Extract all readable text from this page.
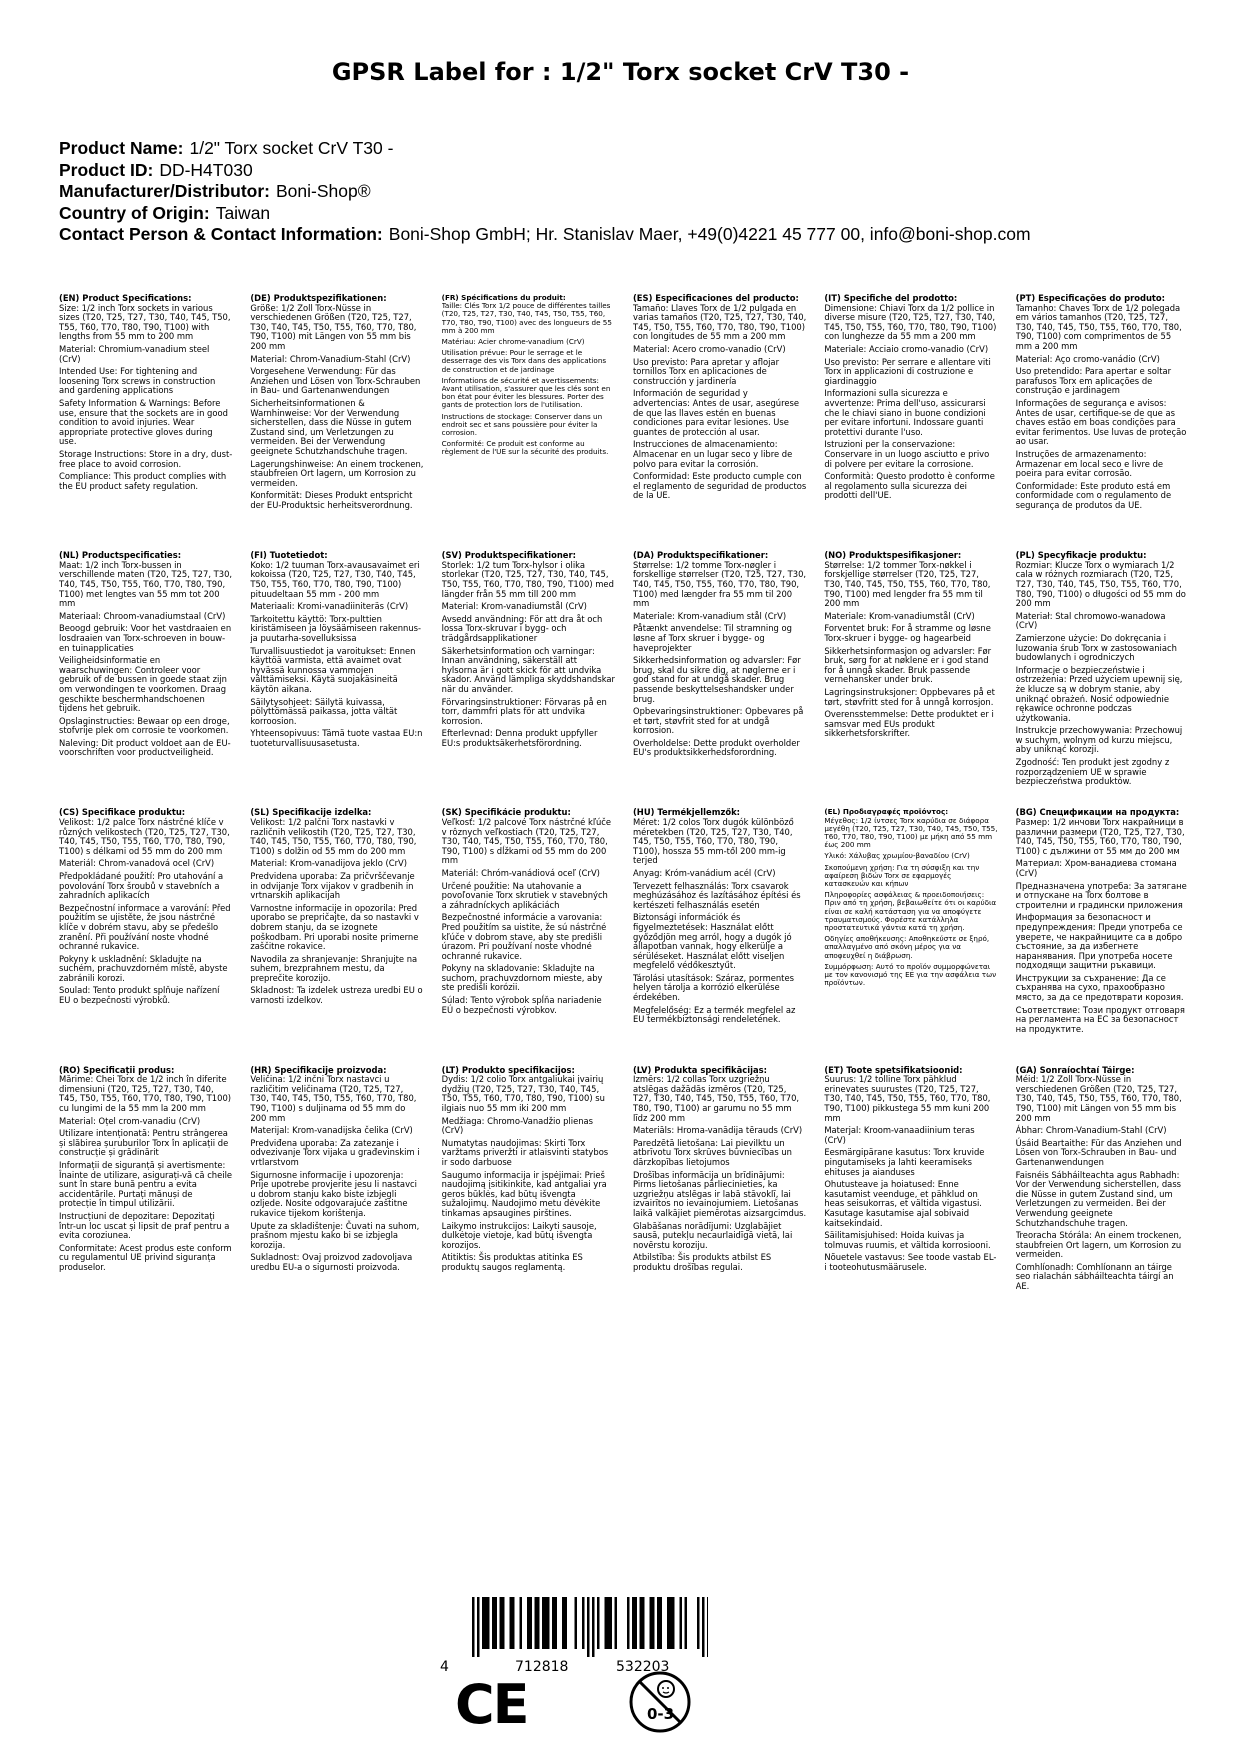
GPSR Label for : 1/2" Torx socket CrV T30 -
Product Name: 1/2" Torx socket CrV T30 -
Product ID: DD-H4T030
Manufacturer/Distributor: Boni-Shop®
Country of Origin: Taiwan
Contact Person & Contact Information: Boni-Shop GmbH; Hr. Stanislav Maer, +49(0)4221 45 777 00, info@boni-shop.com
(EN) Product Specifications:
Size: 1/2 inch Torx sockets in various sizes (T20, T25, T27, T30, T40, T45, T50, T55, T60, T70, T80, T90, T100) with lengths from 55 mm to 200 mm
Material: Chromium-vanadium steel (CrV)
Intended Use: For tightening and loosening Torx screws in construction and gardening applications
Safety Information & Warnings: Before use, ensure that the sockets are in good condition to avoid injuries. Wear appropriate protective gloves during use.
Storage Instructions: Store in a dry, dust-free place to avoid corrosion.
Compliance: This product complies with the EU product safety regulation.
(DE) Produktspezifikationen:
Größe: 1/2 Zoll Torx-Nüsse in verschiedenen Größen (T20, T25, T27, T30, T40, T45, T50, T55, T60, T70, T80, T90, T100) mit Längen von 55 mm bis 200 mm
Material: Chrom-Vanadium-Stahl (CrV)
Vorgesehene Verwendung: Für das Anziehen und Lösen von Torx-Schrauben in Bau- und Gartenanwendungen
Sicherheitsinformationen & Warnhinweise: Vor der Verwendung sicherstellen, dass die Nüsse in gutem Zustand sind, um Verletzungen zu vermeiden. Bei der Verwendung geeignete Schutzhandschuhe tragen.
Lagerungshinweise: An einem trockenen, staubfreien Ort lagern, um Korrosion zu vermeiden.
Konformität: Dieses Produkt entspricht der EU-Produktsic herheitsverordnung.
(FR) Spécifications du produit:
Taille: Clés Torx 1/2 pouce de différentes tailles (T20, T25, T27, T30, T40, T45, T50, T55, T60, T70, T80, T90, T100) avec des longueurs de 55 mm à 200 mm
Matériau: Acier chrome-vanadium (CrV)
Utilisation prévue: Pour le serrage et le desserrage des vis Torx dans des applications de construction et de jardinage
Informations de sécurité et avertissements: Avant utilisation, s'assurer que les clés sont en bon état pour éviter les blessures. Porter des gants de protection lors de l'utilisation.
Instructions de stockage: Conserver dans un endroit sec et sans poussière pour éviter la corrosion.
Conformité: Ce produit est conforme au règlement de l'UE sur la sécurité des produits.
(ES) Especificaciones del producto:
Tamaño: Llaves Torx de 1/2 pulgada en varias tamaños (T20, T25, T27, T30, T40, T45, T50, T55, T60, T70, T80, T90, T100) con longitudes de 55 mm a 200 mm
Material: Acero cromo-vanadio (CrV)
Uso previsto: Para apretar y aflojar tornillos Torx en aplicaciones de construcción y jardinería
Información de seguridad y advertencias: Antes de usar, asegúrese de que las llaves estén en buenas condiciones para evitar lesiones. Use guantes de protección al usar.
Instrucciones de almacenamiento: Almacenar en un lugar seco y libre de polvo para evitar la corrosión.
Conformidad: Este producto cumple con el reglamento de seguridad de productos de la UE.
(IT) Specifiche del prodotto:
Dimensione: Chiavi Torx da 1/2 pollice in diverse misure (T20, T25, T27, T30, T40, T45, T50, T55, T60, T70, T80, T90, T100) con lunghezze da 55 mm a 200 mm
Materiale: Acciaio cromo-vanadio (CrV)
Uso previsto: Per serrare e allentare viti Torx in applicazioni di costruzione e giardinaggio
Informazioni sulla sicurezza e avvertenze: Prima dell'uso, assicurarsi che le chiavi siano in buone condizioni per evitare infortuni. Indossare guanti protettivi durante l'uso.
Istruzioni per la conservazione: Conservare in un luogo asciutto e privo di polvere per evitare la corrosione.
Conformità: Questo prodotto è conforme al regolamento sulla sicurezza dei prodotti dell'UE.
(PT) Especificações do produto:
Tamanho: Chaves Torx de 1/2 polegada em vários tamanhos (T20, T25, T27, T30, T40, T45, T50, T55, T60, T70, T80, T90, T100) com comprimentos de 55 mm a 200 mm
Material: Aço cromo-vanádio (CrV)
Uso pretendido: Para apertar e soltar parafusos Torx em aplicações de construção e jardinagem
Informações de segurança e avisos: Antes de usar, certifique-se de que as chaves estão em boas condições para evitar ferimentos. Use luvas de proteção ao usar.
Instruções de armazenamento: Armazenar em local seco e livre de poeira para evitar corrosão.
Conformidade: Este produto está em conformidade com o regulamento de segurança de produtos da UE.
(NL) Productspecificaties:
Maat: 1/2 inch Torx-bussen in verschillende maten (T20, T25, T27, T30, T40, T45, T50, T55, T60, T70, T80, T90, T100) met lengtes van 55 mm tot 200 mm
Materiaal: Chroom-vanadiumstaal (CrV)
Beoogd gebruik: Voor het vastdraaien en losdraaien van Torx-schroeven in bouw- en tuinapplicaties
Veiligheidsinformatie en waarschuwingen: Controleer voor gebruik of de bussen in goede staat zijn om verwondingen te voorkomen. Draag geschikte beschermhandschoenen tijdens het gebruik.
Opslaginstructies: Bewaar op een droge, stofvrije plek om corrosie te voorkomen.
Naleving: Dit product voldoet aan de EU-voorschriften voor productveiligheid.
(FI) Tuotetiedot:
Koko: 1/2 tuuman Torx-avausavaimet eri kokoissa (T20, T25, T27, T30, T40, T45, T50, T55, T60, T70, T80, T90, T100) pituudeltaan 55 mm - 200 mm
Materiaali: Kromi-vanadiiniteräs (CrV)
Tarkoitettu käyttö: Torx-pulttien kiristämiseen ja löysäämiseen rakennus- ja puutarha-sovelluksissa
Turvallisuustiedot ja varoitukset: Ennen käyttöä varmista, että avaimet ovat hyvässä kunnossa vammojen välttämiseksi. Käytä suojakäsineitä käytön aikana.
Säilytysohjeet: Säilytä kuivassa, pölyttömässä paikassa, jotta vältät korroosion.
Yhteensopivuus: Tämä tuote vastaa EU:n tuoteturvallisuusasetusta.
(SV) Produktspecifikationer:
Storlek: 1/2 tum Torx-hylsor i olika storlekar (T20, T25, T27, T30, T40, T45, T50, T55, T60, T70, T80, T90, T100) med längder från 55 mm till 200 mm
Material: Krom-vanadiumstål (CrV)
Avsedd användning: För att dra åt och lossa Torx-skruvar i bygg- och trädgårdsapplikationer
Säkerhetsinformation och varningar: Innan användning, säkerställ att hylsorna är i gott skick för att undvika skador. Använd lämpliga skyddshandskar när du använder.
Förvaringsinstruktioner: Förvaras på en torr, dammfri plats för att undvika korrosion.
Efterlevnad: Denna produkt uppfyller EU:s produktsäkerhetsförordning.
(DA) Produktspecifikationer:
Størrelse: 1/2 tomme Torx-nøgler i forskellige størrelser (T20, T25, T27, T30, T40, T45, T50, T55, T60, T70, T80, T90, T100) med længder fra 55 mm til 200 mm
Materiale: Krom-vanadium stål (CrV)
Påtænkt anvendelse: Til stramning og løsne af Torx skruer i bygge- og haveprojekter
Sikkerhedsinformation og advarsler: Før brug, skal du sikre dig, at nøglerne er i god stand for at undgå skader. Brug passende beskyttelseshandsker under brug.
Opbevaringsinstruktioner: Opbevares på et tørt, støvfrit sted for at undgå korrosion.
Overholdelse: Dette produkt overholder EU's produktsikkerhedsforordning.
(NO) Produktspesifikasjoner:
Størrelse: 1/2 tommer Torx-nøkkel i forskjellige størrelser (T20, T25, T27, T30, T40, T45, T50, T55, T60, T70, T80, T90, T100) med lengder fra 55 mm til 200 mm
Materiale: Krom-vanadiumstål (CrV)
Forventet bruk: For å stramme og løsne Torx-skruer i bygge- og hagearbeid
Sikkerhetsinformasjon og advarsler: Før bruk, sørg for at nøklene er i god stand for å unngå skader. Bruk passende vernehansker under bruk.
Lagringsinstruksjoner: Oppbevares på et tørt, støvfritt sted for å unngå korrosjon.
Overensstemmelse: Dette produktet er i samsvar med EUs produkt sikkerhetsforskrifter.
(PL) Specyfikacje produktu:
Rozmiar: Klucze Torx o wymiarach 1/2 cala w różnych rozmiarach (T20, T25, T27, T30, T40, T45, T50, T55, T60, T70, T80, T90, T100) o długości od 55 mm do 200 mm
Materiał: Stal chromowo-wanadowa (CrV)
Zamierzone użycie: Do dokręcania i luzowania śrub Torx w zastosowaniach budowlanych i ogrodniczych
Informacje o bezpieczeństwie i ostrzeżenia: Przed użyciem upewnij się, że klucze są w dobrym stanie, aby uniknąć obrażeń. Nosić odpowiednie rękawice ochronne podczas użytkowania.
Instrukcje przechowywania: Przechowuj w suchym, wolnym od kurzu miejscu, aby uniknąć korozji.
Zgodność: Ten produkt jest zgodny z rozporządzeniem UE w sprawie bezpieczeństwa produktów.
(CS) Specifikace produktu:
Velikost: 1/2 palce Torx nástrčné klíče v různých velikostech (T20, T25, T27, T30, T40, T45, T50, T55, T60, T70, T80, T90, T100) s délkami od 55 mm do 200 mm
Materiál: Chrom-vanadová ocel (CrV)
Předpokládané použití: Pro utahování a povolování Torx šroubů v stavebních a zahradních aplikacích
Bezpečnostní informace a varování: Před použitím se ujistěte, že jsou nástrčné klíče v dobrém stavu, aby se předešlo zranění. Při používání noste vhodné ochranné rukavice.
Pokyny k uskladnění: Skladujte na suchém, prachuvzdorném místě, abyste zabránili korozi.
Soulad: Tento produkt splňuje nařízení EU o bezpečnosti výrobků.
(SL) Specifikacije izdelka:
Velikost: 1/2 palčni Torx nastavki v različnih velikostih (T20, T25, T27, T30, T40, T45, T50, T55, T60, T70, T80, T90, T100) s dolžin od 55 mm do 200 mm
Material: Krom-vanadijova jeklo (CrV)
Predvidena uporaba: Za pričvrščevanje in odvijanje Torx vijakov v gradbenih in vrtnarskih aplikacijah
Varnostne informacije in opozorila: Pred uporabo se prepričajte, da so nastavki v dobrem stanju, da se izognete poškodbam. Pri uporabi nosite primerne zaščitne rokavice.
Navodila za shranjevanje: Shranjujte na suhem, brezprahnem mestu, da preprečite korozijo.
Skladnost: Ta izdelek ustreza uredbi EU o varnosti izdelkov.
(SK) Špecifikácie produktu:
Veľkosť: 1/2 palcové Torx nástrčné kľúče v rôznych veľkostiach (T20, T25, T27, T30, T40, T45, T50, T55, T60, T70, T80, T90, T100) s dĺžkami od 55 mm do 200 mm
Materiál: Chróm-vanádiová oceľ (CrV)
Určené použitie: Na utahovanie a povoľovanie Torx skrutiek v stavebných a záhradníckych aplikáciách
Bezpečnostné informácie a varovania: Pred použitím sa uistite, že sú nástrčné kľúče v dobrom stave, aby ste predišli úrazom. Pri používaní noste vhodné ochranné rukavice.
Pokyny na skladovanie: Skladujte na suchom, prachuvzdornom mieste, aby ste predišli korózii.
Súlad: Tento výrobok spĺňa nariadenie EÚ o bezpečnosti výrobkov.
(HU) Termékjellemzők:
Méret: 1/2 colos Torx dugók különböző méretekben (T20, T25, T27, T30, T40, T45, T50, T55, T60, T70, T80, T90, T100), hossza 55 mm-től 200 mm-ig terjed
Anyag: Króm-vanádium acél (CrV)
Tervezett felhasználás: Torx csavarok meghúzásához és lazításához építési és kertészeti felhasználás esetén
Biztonsági információk és figyelmeztetések: Használat előtt győződjön meg arról, hogy a dugók jó állapotban vannak, hogy elkerülje a sérüléseket. Használat előtt viseljen megfelelő védőkesztyűt.
Tárolási utasítások: Száraz, pormentes helyen tárolja a korrózió elkerülése érdekében.
Megfelelőség: Ez a termék megfelel az EU termékbiztonsági rendeletének.
(EL) Προδιαγραφές προϊόντος:
Μέγεθος: 1/2 ίντσες Torx καρύδια σε διάφορα μεγέθη (T20, T25, T27, T30, T40, T45, T50, T55, T60, T70, T80, T90, T100) με μήκη από 55 mm έως 200 mm
Υλικό: Χάλυβας χρωμίου-βαναδίου (CrV)
Σκοπούμενη χρήση: Για τη σύσφιξη και την αφαίρεση βιδών Torx σε εφαρμογές κατασκευών και κήπων
Πληροφορίες ασφάλειας & προειδοποιήσεις: Πριν από τη χρήση, βεβαιωθείτε ότι οι καρύδια είναι σε καλή κατάσταση για να αποφύγετε τραυματισμούς. Φορέστε κατάλληλα προστατευτικά γάντια κατά τη χρήση.
Οδηγίες αποθήκευσης: Αποθηκεύστε σε ξηρό, απαλλαγμένο από σκόνη μέρος για να αποφευχθεί η διάβρωση.
Συμμόρφωση: Αυτό το προϊόν συμμορφώνεται με τον κανονισμό της ΕΕ για την ασφάλεια των προϊόντων.
(BG) Спецификации на продукта:
Размер: 1/2 инчови Torx накрайници в различни размери (T20, T25, T27, T30, T40, T45, T50, T55, T60, T70, T80, T90, T100) с дължини от 55 мм до 200 мм
Материал: Хром-ванадиева стомана (CrV)
Предназначена употреба: За затягане и отпускане на Torx болтове в строителни и градински приложения
Информация за безопасност и предупреждения: Преди употреба се уверете, че накрайниците са в добро състояние, за да избегнете наранявания. При употреба носете подходящи защитни ръкавици.
Инструкции за съхранение: Да се съхранява на сухо, прахообразно място, за да се предотврати корозия.
Съответствие: Този продукт отговаря на регламента на ЕС за безопасност на продуктите.
(RO) Specificații produs:
Mărime: Chei Torx de 1/2 inch în diferite dimensiuni (T20, T25, T27, T30, T40, T45, T50, T55, T60, T70, T80, T90, T100) cu lungimi de la 55 mm la 200 mm
Material: Oțel crom-vanadiu (CrV)
Utilizare intenționată: Pentru strângerea și slăbirea șuruburilor Torx în aplicații de construcție și grădinărit
Informații de siguranță și avertismente: Înainte de utilizare, asigurați-vă că cheile sunt în stare bună pentru a evita accidentările. Purtați mănuși de protecție în timpul utilizării.
Instrucțiuni de depozitare: Depozitați într-un loc uscat și lipsit de praf pentru a evita coroziunea.
Conformitate: Acest produs este conform cu regulamentul UE privind siguranța produselor.
(HR) Specifikacije proizvoda:
Veličina: 1/2 inčni Torx nastavci u različitim veličinama (T20, T25, T27, T30, T40, T45, T50, T55, T60, T70, T80, T90, T100) s duljinama od 55 mm do 200 mm
Materijal: Krom-vanadijska čelika (CrV)
Predviđena uporaba: Za zatezanje i odvezivanje Torx vijaka u građevinskim i vrtlarstvom
Sigurnosne informacije i upozorenja: Prije upotrebe provjerite jesu li nastavci u dobrom stanju kako biste izbjegli ozljede. Nosite odgovarajuće zaštitne rukavice tijekom korištenja.
Upute za skladištenje: Čuvati na suhom, prašnom mjestu kako bi se izbjegla korozija.
Sukladnost: Ovaj proizvod zadovoljava uredbu EU-a o sigurnosti proizvoda.
(LT) Produkto specifikacijos:
Dydis: 1/2 colio Torx antgaliukai įvairių dydžių (T20, T25, T27, T30, T40, T45, T50, T55, T60, T70, T80, T90, T100) su ilgiais nuo 55 mm iki 200 mm
Medžiaga: Chromo-Vanadžio plienas (CrV)
Numatytas naudojimas: Skirti Torx varžtams priveržti ir atlaisvinti statybos ir sodo darbuose
Saugumo informacija ir įspėjimai: Prieš naudojimą įsitikinkite, kad antgaliai yra geros būklės, kad būtų išvengta sužalojimų. Naudojimo metu dėvėkite tinkamas apsaugines pirštines.
Laikymo instrukcijos: Laikyti sausoje, dulkėtoje vietoje, kad būtų išvengta korozijos.
Atitiktis: Šis produktas atitinka ES produktų saugos reglamentą.
(LV) Produkta specifikācijas:
Izmērs: 1/2 collas Torx uzgriežņu atslēgas dažādās izmēros (T20, T25, T27, T30, T40, T45, T50, T55, T60, T70, T80, T90, T100) ar garumu no 55 mm līdz 200 mm
Materiāls: Hroma-vanādija tērauds (CrV)
Paredzētā lietošana: Lai pievilktu un atbrīvotu Torx skrūves būvniecības un dārzkopības lietojumos
Drošības informācija un brīdinājumi: Pirms lietošanas pārliecinieties, ka uzgriežņu atslēgas ir labā stāvoklī, lai izvairītos no ievainojumiem. Lietošanas laikā valkājiet piemērotas aizsargcimdus.
Glabāšanas norādījumi: Uzglabājiet sausā, putekļu necaurlaidīgā vietā, lai novērstu koroziju.
Atbilstība: Šis produkts atbilst ES produktu drošības regulai.
(ET) Toote spetsifikatsioonid:
Suurus: 1/2 tolline Torx pähklud erinevates suurustes (T20, T25, T27, T30, T40, T45, T50, T55, T60, T70, T80, T90, T100) pikkustega 55 mm kuni 200 mm
Materjal: Kroom-vanaadiinium teras (CrV)
Eesmärgipärane kasutus: Torx kruvide pingutamiseks ja lahti keeramiseks ehituses ja aianduses
Ohutusteave ja hoiatused: Enne kasutamist veenduge, et pähklud on heas seisukorras, et vältida vigastusi. Kasutage kasutamise ajal sobivaid kaitsekindaid.
Säilitamisjuhised: Hoida kuivas ja tolmuvas ruumis, et vältida korrosiooni.
Nõuetele vastavus: See toode vastab EL-i tooteohutusmäärusele.
(GA) Sonraíochtaí Táirge:
Méid: 1/2 Zoll Torx-Nüsse in verschiedenen Größen (T20, T25, T27, T30, T40, T45, T50, T55, T60, T70, T80, T90, T100) mit Längen von 55 mm bis 200 mm
Ábhar: Chrom-Vanadium-Stahl (CrV)
Úsáid Beartaithe: Für das Anziehen und Lösen von Torx-Schrauben in Bau- und Gartenanwendungen
Faisnéis Sábháilteachta agus Rabhadh: Vor der Verwendung sicherstellen, dass die Nüsse in gutem Zustand sind, um Verletzungen zu vermeiden. Bei der Verwendung geeignete Schutzhandschuhe tragen.
Treoracha Stórála: An einem trockenen, staubfreien Ort lagern, um Korrosion zu vermeiden.
Comhlíonadh: Comhlíonann an táirge seo rialachán sábháilteachta táirgí an AE.
4	712818	532203
CE	0-3
